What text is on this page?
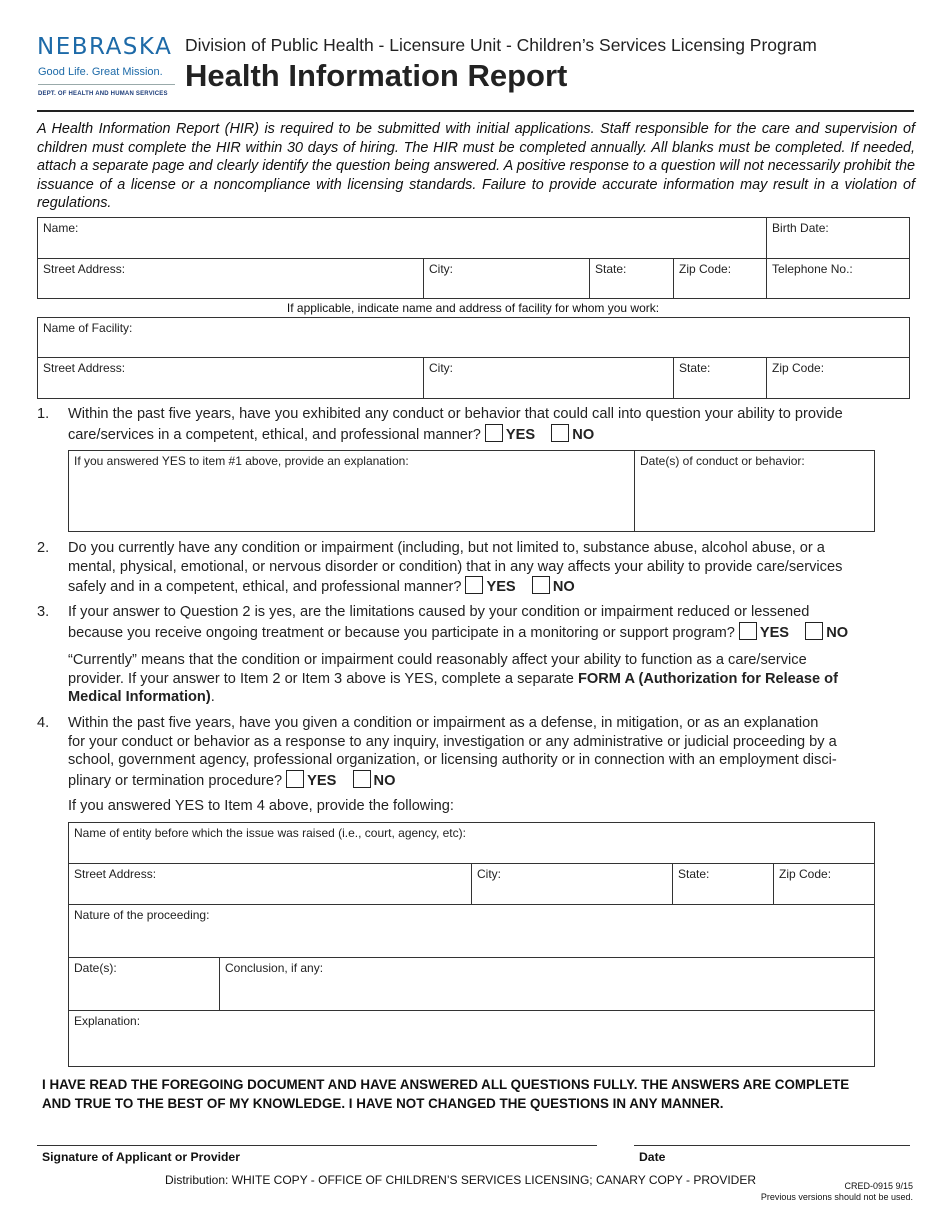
NEBRASKA
Good Life. Great Mission.
DEPT. OF HEALTH AND HUMAN SERVICES
Division of Public Health - Licensure Unit - Children’s Services Licensing Program
Health Information Report
A Health Information Report (HIR) is required to be submitted with initial applications. Staff responsible for the care and supervision of children must complete the HIR within 30 days of hiring. The HIR must be completed annually. All blanks must be completed. If needed, attach a separate page and clearly identify the question being answered. A positive response to a question will not necessarily prohibit the issuance of a license or a noncompliance with licensing standards. Failure to provide accurate information may result in a violation of regulations.
Name:				Birth Date:
Street Address:	City:	State:	Zip Code:	Telephone No.:
If applicable, indicate name and address of facility for whom you work:
Name of Facility:
Street Address:	City:	State:	Zip Code:
1. Within the past five years, have you exhibited any conduct or behavior that could call into question your ability to provide
care/services in a competent, ethical, and professional manner? YES	NO
If you answered YES to item #1 above, provide an explanation:	Date(s) of conduct or behavior:
2. Do you currently have any condition or impairment (including, but not limited to, substance abuse, alcohol abuse, or a
mental, physical, emotional, or nervous disorder or condition) that in any way affects your ability to provide care/services
safely and in a competent, ethical, and professional manner? YES	NO
3. If your answer to Question 2 is yes, are the limitations caused by your condition or impairment reduced or lessened
because you receive ongoing treatment or because you participate in a monitoring or support program? YES	NO
“Currently” means that the condition or impairment could reasonably affect your ability to function as a care/service
provider. If your answer to Item 2 or Item 3 above is YES, complete a separate FORM A (Authorization for Release of
Medical Information).
4. Within the past five years, have you given a condition or impairment as a defense, in mitigation, or as an explanation
for your conduct or behavior as a response to any inquiry, investigation or any administrative or judicial proceeding by a
school, government agency, professional organization, or licensing authority or in connection with an employment disci-
plinary or termination procedure? YES	NO
If you answered YES to Item 4 above, provide the following:
Name of entity before which the issue was raised (i.e., court, agency, etc):				
Street Address:		City:	State:	Zip Code:
Nature of the proceeding:				
Date(s):	Conclusion, if any:			
Explanation:				
I HAVE READ THE FOREGOING DOCUMENT AND HAVE ANSWERED ALL QUESTIONS FULLY. THE ANSWERS ARE COMPLETE
AND TRUE TO THE BEST OF MY KNOWLEDGE. I HAVE NOT CHANGED THE QUESTIONS IN ANY MANNER.
Signature of Applicant or Provider	Date
Distribution: WHITE COPY - OFFICE OF CHILDREN’S SERVICES LICENSING; CANARY COPY - PROVIDER	CRED-0915 9/15
Previous versions should not be used.
